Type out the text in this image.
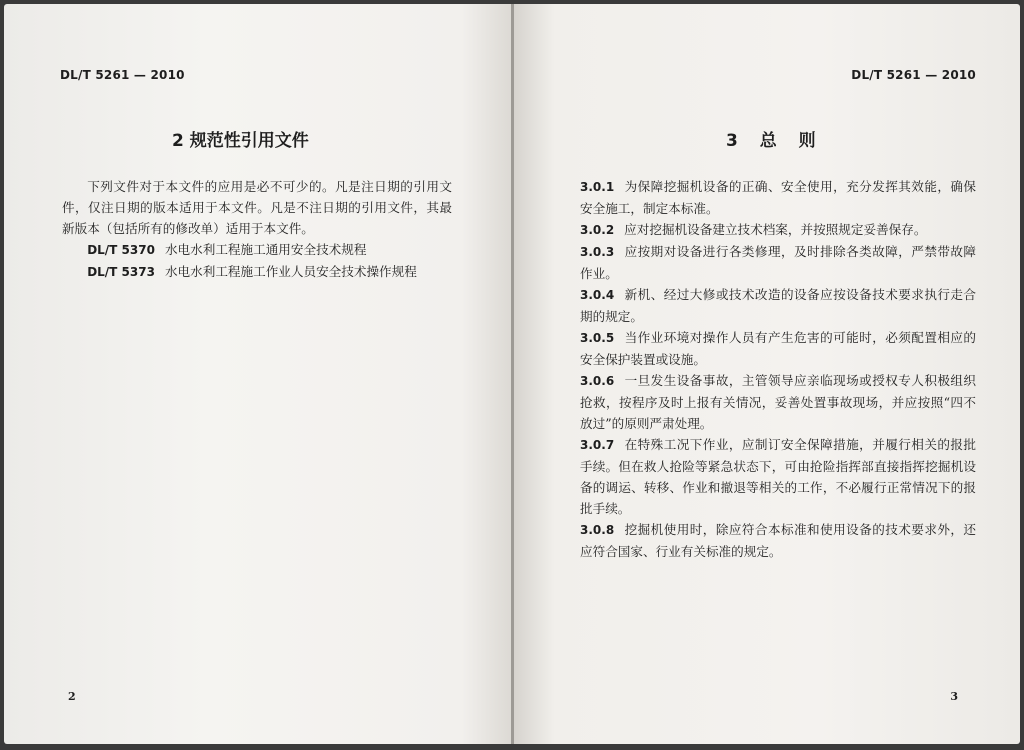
DL/T 5261 — 2010
2 规范性引用文件

下列文件对于本文件的应用是必不可少的。凡是注日期的引用文件，仅注日期的版本适用于本文件。凡是不注日期的引用文件，其最新版本（包括所有的修改单）适用于本文件。

DL/T 5370 水电水利工程施工通用安全技术规程

DL/T 5373 水电水利工程施工作业人员安全技术操作规程

2
DL/T 5261 — 2010
3 总 则

3.0.1 为保障挖掘机设备的正确、安全使用，充分发挥其效能，确保安全施工，制定本标准。

3.0.2 应对挖掘机设备建立技术档案，并按照规定妥善保存。

3.0.3 应按期对设备进行各类修理，及时排除各类故障，严禁带故障作业。

3.0.4 新机、经过大修或技术改造的设备应按设备技术要求执行走合期的规定。

3.0.5 当作业环境对操作人员有产生危害的可能时，必须配置相应的安全保护装置或设施。

3.0.6 一旦发生设备事故，主管领导应亲临现场或授权专人积极组织抢救，按程序及时上报有关情况，妥善处置事故现场，并应按照“四不放过”的原则严肃处理。

3.0.7 在特殊工况下作业，应制订安全保障措施，并履行相关的报批手续。但在救人抢险等紧急状态下，可由抢险指挥部直接指挥挖掘机设备的调运、转移、作业和撤退等相关的工作，不必履行正常情况下的报批手续。

3.0.8 挖掘机使用时，除应符合本标准和使用设备的技术要求外，还应符合国家、行业有关标准的规定。

3
